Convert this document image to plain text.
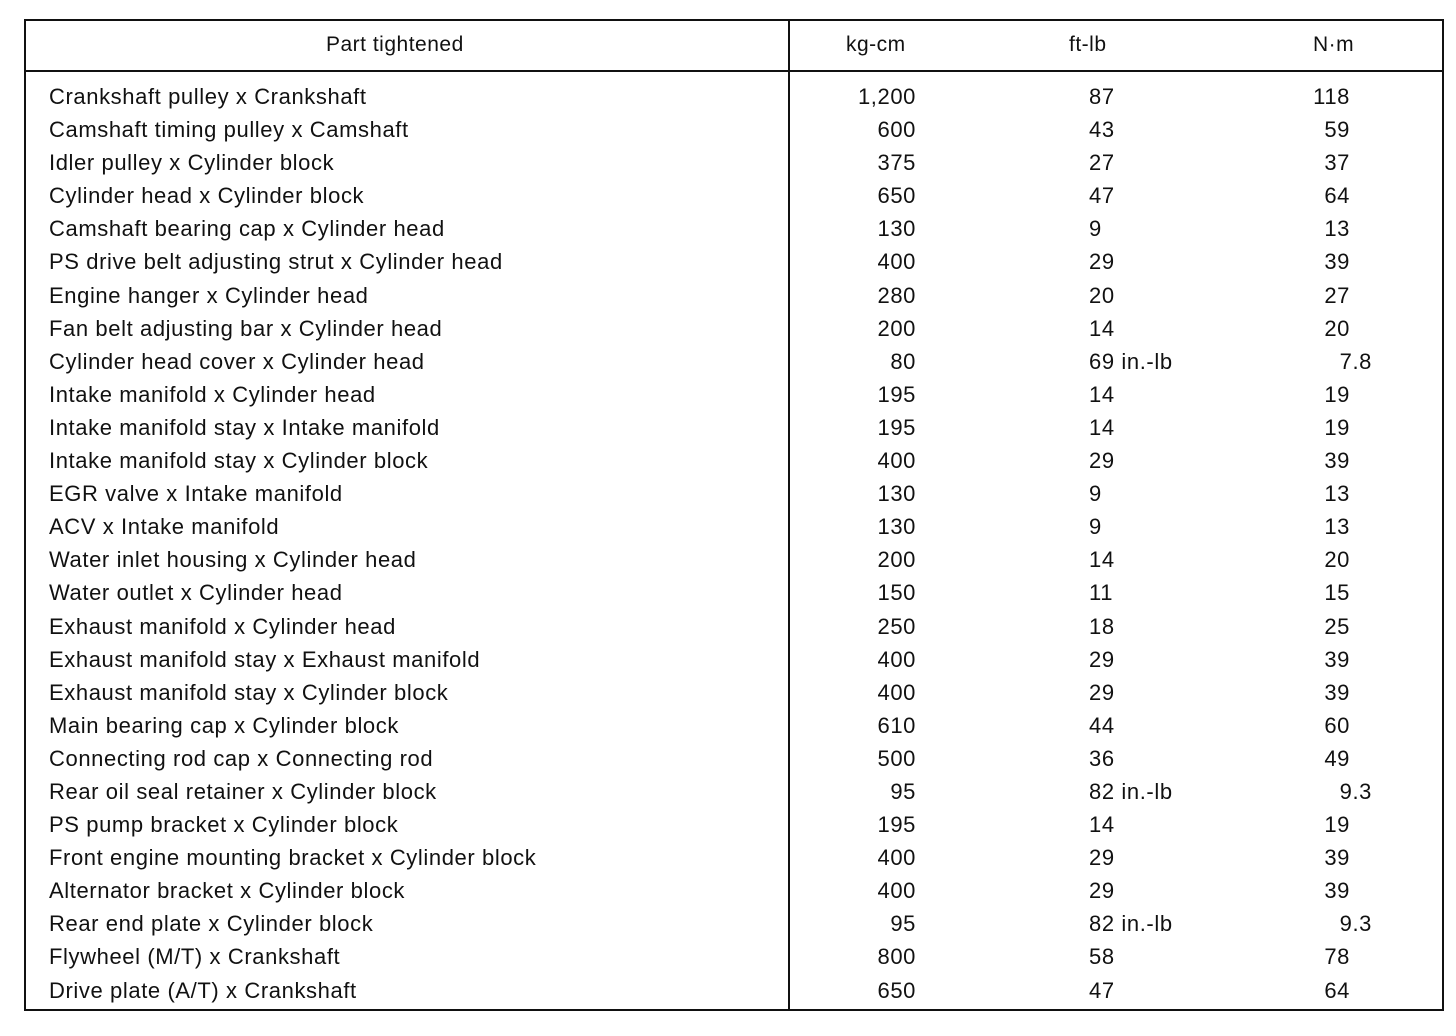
Part tightened	kg-cm	ft-lb	N·m
Crankshaft pulley x Crankshaft	1,200	87	118
Camshaft timing pulley x Camshaft	600	43	59
Idler pulley x Cylinder block	375	27	37
Cylinder head x Cylinder block	650	47	64
Camshaft bearing cap x Cylinder head	130	9	13
PS drive belt adjusting strut x Cylinder head	400	29	39
Engine hanger x Cylinder head	280	20	27
Fan belt adjusting bar x Cylinder head	200	14	20
Cylinder head cover x Cylinder head	80	69 in.-lb	7.8
Intake manifold x Cylinder head	195	14	19
Intake manifold stay x Intake manifold	195	14	19
Intake manifold stay x Cylinder block	400	29	39
EGR valve x Intake manifold	130	9	13
ACV x Intake manifold	130	9	13
Water inlet housing x Cylinder head	200	14	20
Water outlet x Cylinder head	150	11	15
Exhaust manifold x Cylinder head	250	18	25
Exhaust manifold stay x Exhaust manifold	400	29	39
Exhaust manifold stay x Cylinder block	400	29	39
Main bearing cap x Cylinder block	610	44	60
Connecting rod cap x Connecting rod	500	36	49
Rear oil seal retainer x Cylinder block	95	82 in.-lb	9.3
PS pump bracket x Cylinder block	195	14	19
Front engine mounting bracket x Cylinder block	400	29	39
Alternator bracket x Cylinder block	400	29	39
Rear end plate x Cylinder block	95	82 in.-lb	9.3
Flywheel (M/T) x Crankshaft	800	58	78
Drive plate (A/T) x Crankshaft	650	47	64
